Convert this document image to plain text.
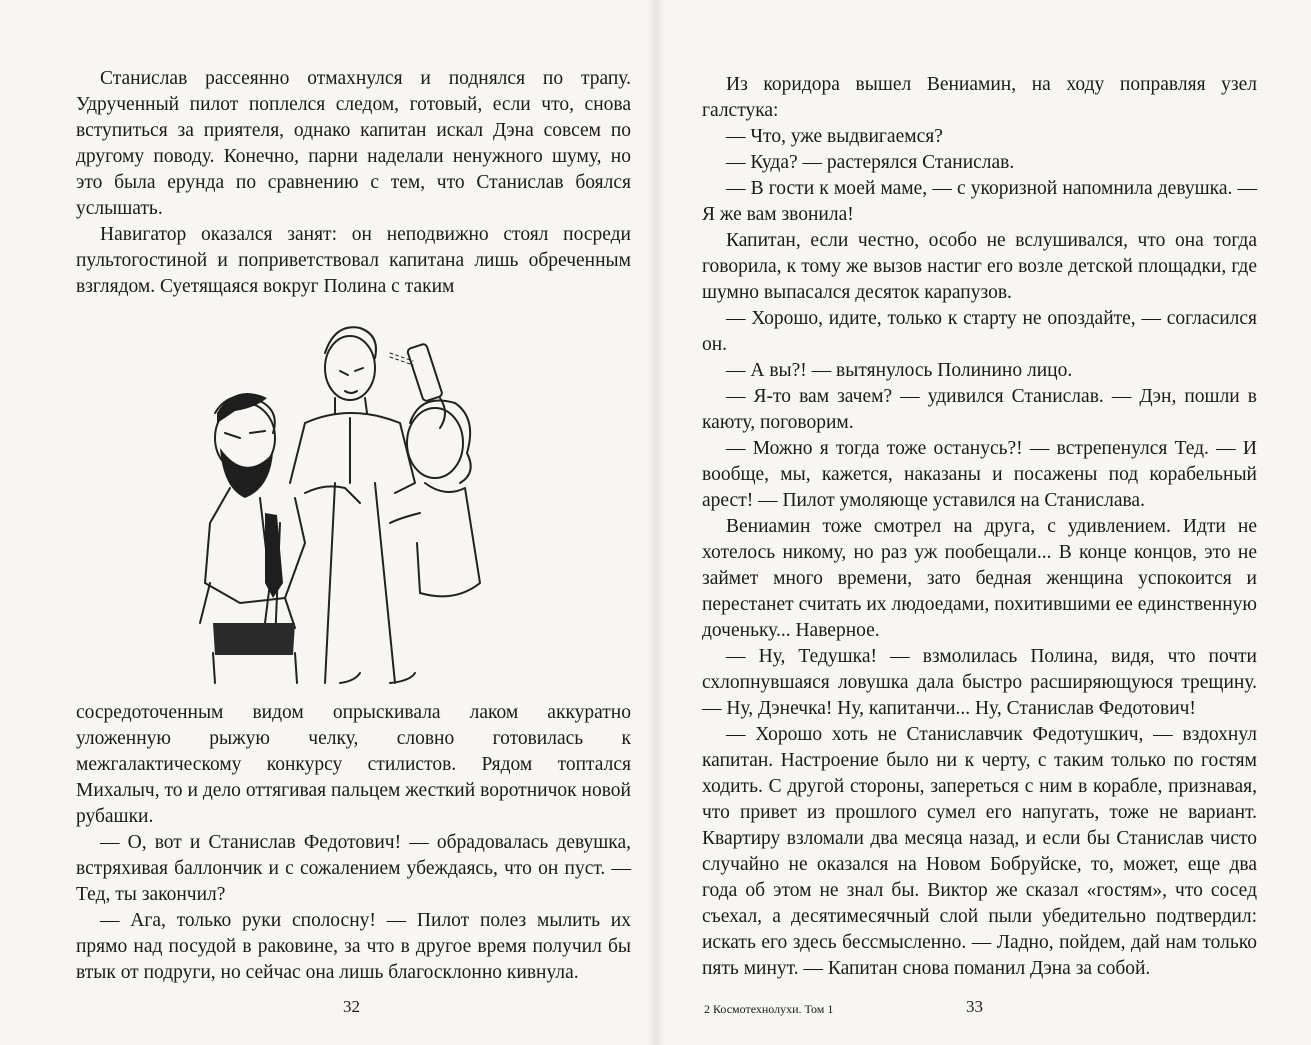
Станислав рассеянно отмахнулся и поднялся по трапу. Удрученный пилот поплелся следом, готовый, если что, снова вступиться за приятеля, однако капитан искал Дэна совсем по другому поводу. Конечно, парни наделали ненужного шуму, но это была ерунда по сравнению с тем, что Станислав боялся услышать.

Навигатор оказался занят: он неподвижно стоял посреди пультогостиной и поприветствовал капитана лишь обреченным взглядом. Суетящаяся вокруг Полина с таким

сосредоточенным видом опрыскивала лаком аккуратно уложенную рыжую челку, словно готовилась к межгалактическому конкурсу стилистов. Рядом топтался Михалыч, то и дело оттягивая пальцем жесткий воротничок новой рубашки.

— О, вот и Станислав Федотович! — обрадовалась девушка, встряхивая баллончик и с сожалением убеждаясь, что он пуст. — Тед, ты закончил?

— Ага, только руки сполосну! — Пилот полез мылить их прямо над посудой в раковине, за что в другое время получил бы втык от подруги, но сейчас она лишь благосклонно кивнула.

32

Из коридора вышел Вениамин, на ходу поправляя узел галстука:

— Что, уже выдвигаемся?

— Куда? — растерялся Станислав.

— В гости к моей маме, — с укоризной напомнила девушка. — Я же вам звонила!

Капитан, если честно, особо не вслушивался, что она тогда говорила, к тому же вызов настиг его возле детской площадки, где шумно выпасался десяток карапузов.

— Хорошо, идите, только к старту не опоздайте, — согласился он.

— А вы?! — вытянулось Полинино лицо.

— Я-то вам зачем? — удивился Станислав. — Дэн, пошли в каюту, поговорим.

— Можно я тогда тоже останусь?! — встрепенулся Тед. — И вообще, мы, кажется, наказаны и посажены под корабельный арест! — Пилот умоляюще уставился на Станислава.

Вениамин тоже смотрел на друга, с удивлением. Идти не хотелось никому, но раз уж пообещали... В конце концов, это не займет много времени, зато бедная женщина успокоится и перестанет считать их людоедами, похитившими ее единственную доченьку... Наверное.

— Ну, Тедушка! — взмолилась Полина, видя, что почти схлопнувшаяся ловушка дала быстро расширяющуюся трещину. — Ну, Дэнечка! Ну, капитанчи... Ну, Станислав Федотович!

— Хорошо хоть не Станиславчик Федотушкич, — вздохнул капитан. Настроение было ни к черту, с таким только по гостям ходить. С другой стороны, запереться с ним в корабле, признавая, что привет из прошлого сумел его напугать, тоже не вариант. Квартиру взломали два месяца назад, и если бы Станислав чисто случайно не оказался на Новом Бобруйске, то, может, еще два года об этом не знал бы. Виктор же сказал «гостям», что сосед съехал, а десятимесячный слой пыли убедительно подтвердил: искать его здесь бессмысленно. — Ладно, пойдем, дай нам только пять минут. — Капитан снова поманил Дэна за собой.

2 Космотехнолухи. Том 1	33
